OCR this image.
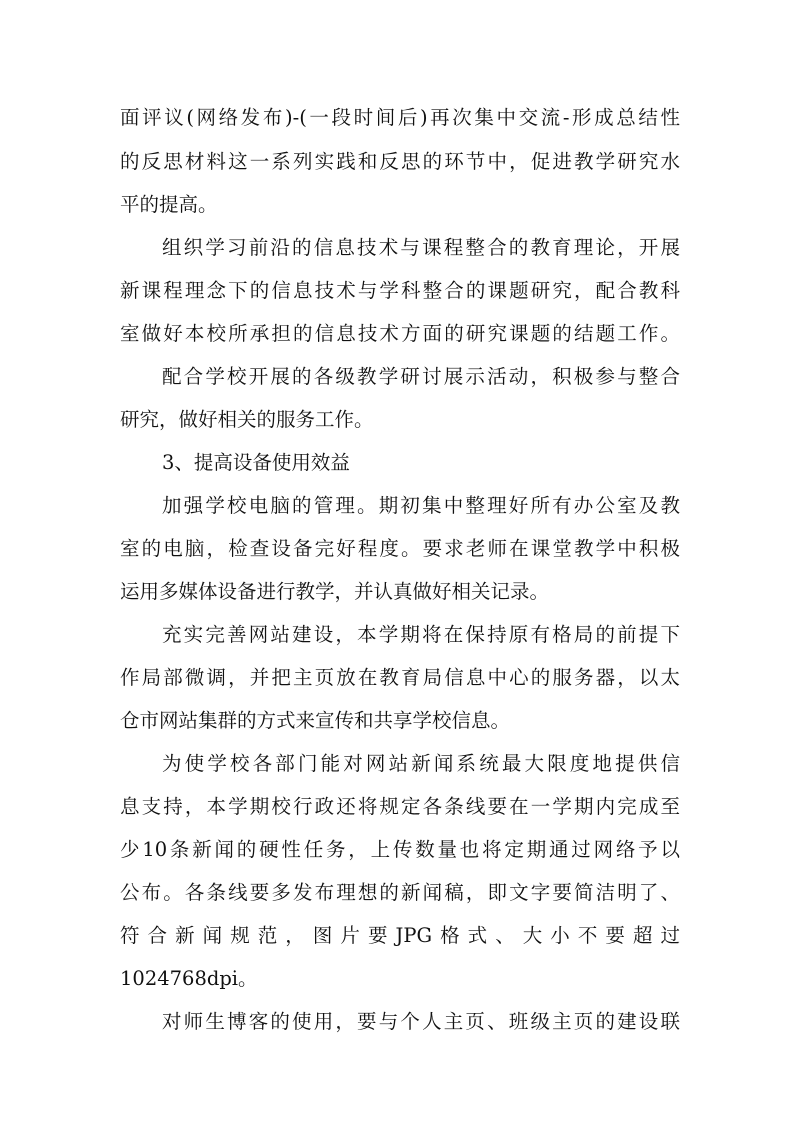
面评议(网络发布)-(一段时间后)再次集中交流-形成总结性
的反思材料这一系列实践和反思的环节中，促进教学研究水
平的提高。
组织学习前沿的信息技术与课程整合的教育理论，开展
新课程理念下的信息技术与学科整合的课题研究，配合教科
室做好本校所承担的信息技术方面的研究课题的结题工作。
配合学校开展的各级教学研讨展示活动，积极参与整合
研究，做好相关的服务工作。
3、提高设备使用效益
加强学校电脑的管理。期初集中整理好所有办公室及教
室的电脑，检查设备完好程度。要求老师在课堂教学中积极
运用多媒体设备进行教学，并认真做好相关记录。
充实完善网站建设，本学期将在保持原有格局的前提下
作局部微调，并把主页放在教育局信息中心的服务器，以太
仓市网站集群的方式来宣传和共享学校信息。
为使学校各部门能对网站新闻系统最大限度地提供信
息支持，本学期校行政还将规定各条线要在一学期内完成至
少10条新闻的硬性任务，上传数量也将定期通过网络予以
公布。各条线要多发布理想的新闻稿，即文字要简洁明了、
符合新闻规范，图片要JPG格式、大小不要超过
1024768dpi。
对师生博客的使用，要与个人主页、班级主页的建设联
